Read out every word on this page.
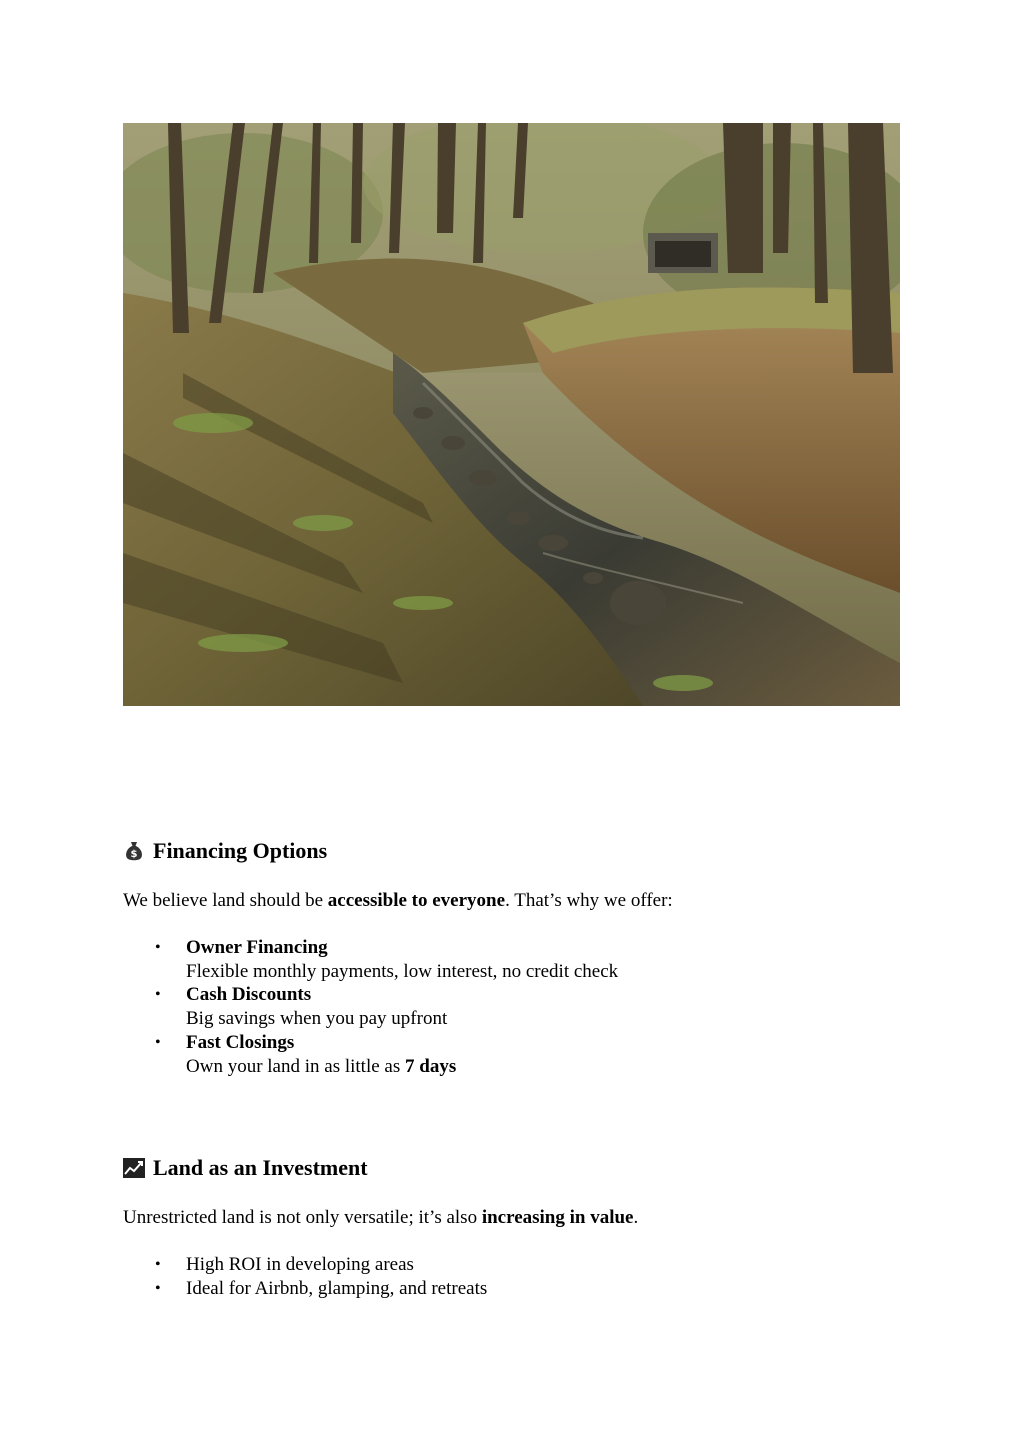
$ Financing Options
We believe land should be accessible to everyone. That’s why we offer:
• Owner Financing
Flexible monthly payments, low interest, no credit check
• Cash Discounts
Big savings when you pay upfront
• Fast Closings
Own your land in as little as 7 days
Land as an Investment
Unrestricted land is not only versatile; it’s also increasing in value.
• High ROI in developing areas
• Ideal for Airbnb, glamping, and retreats
